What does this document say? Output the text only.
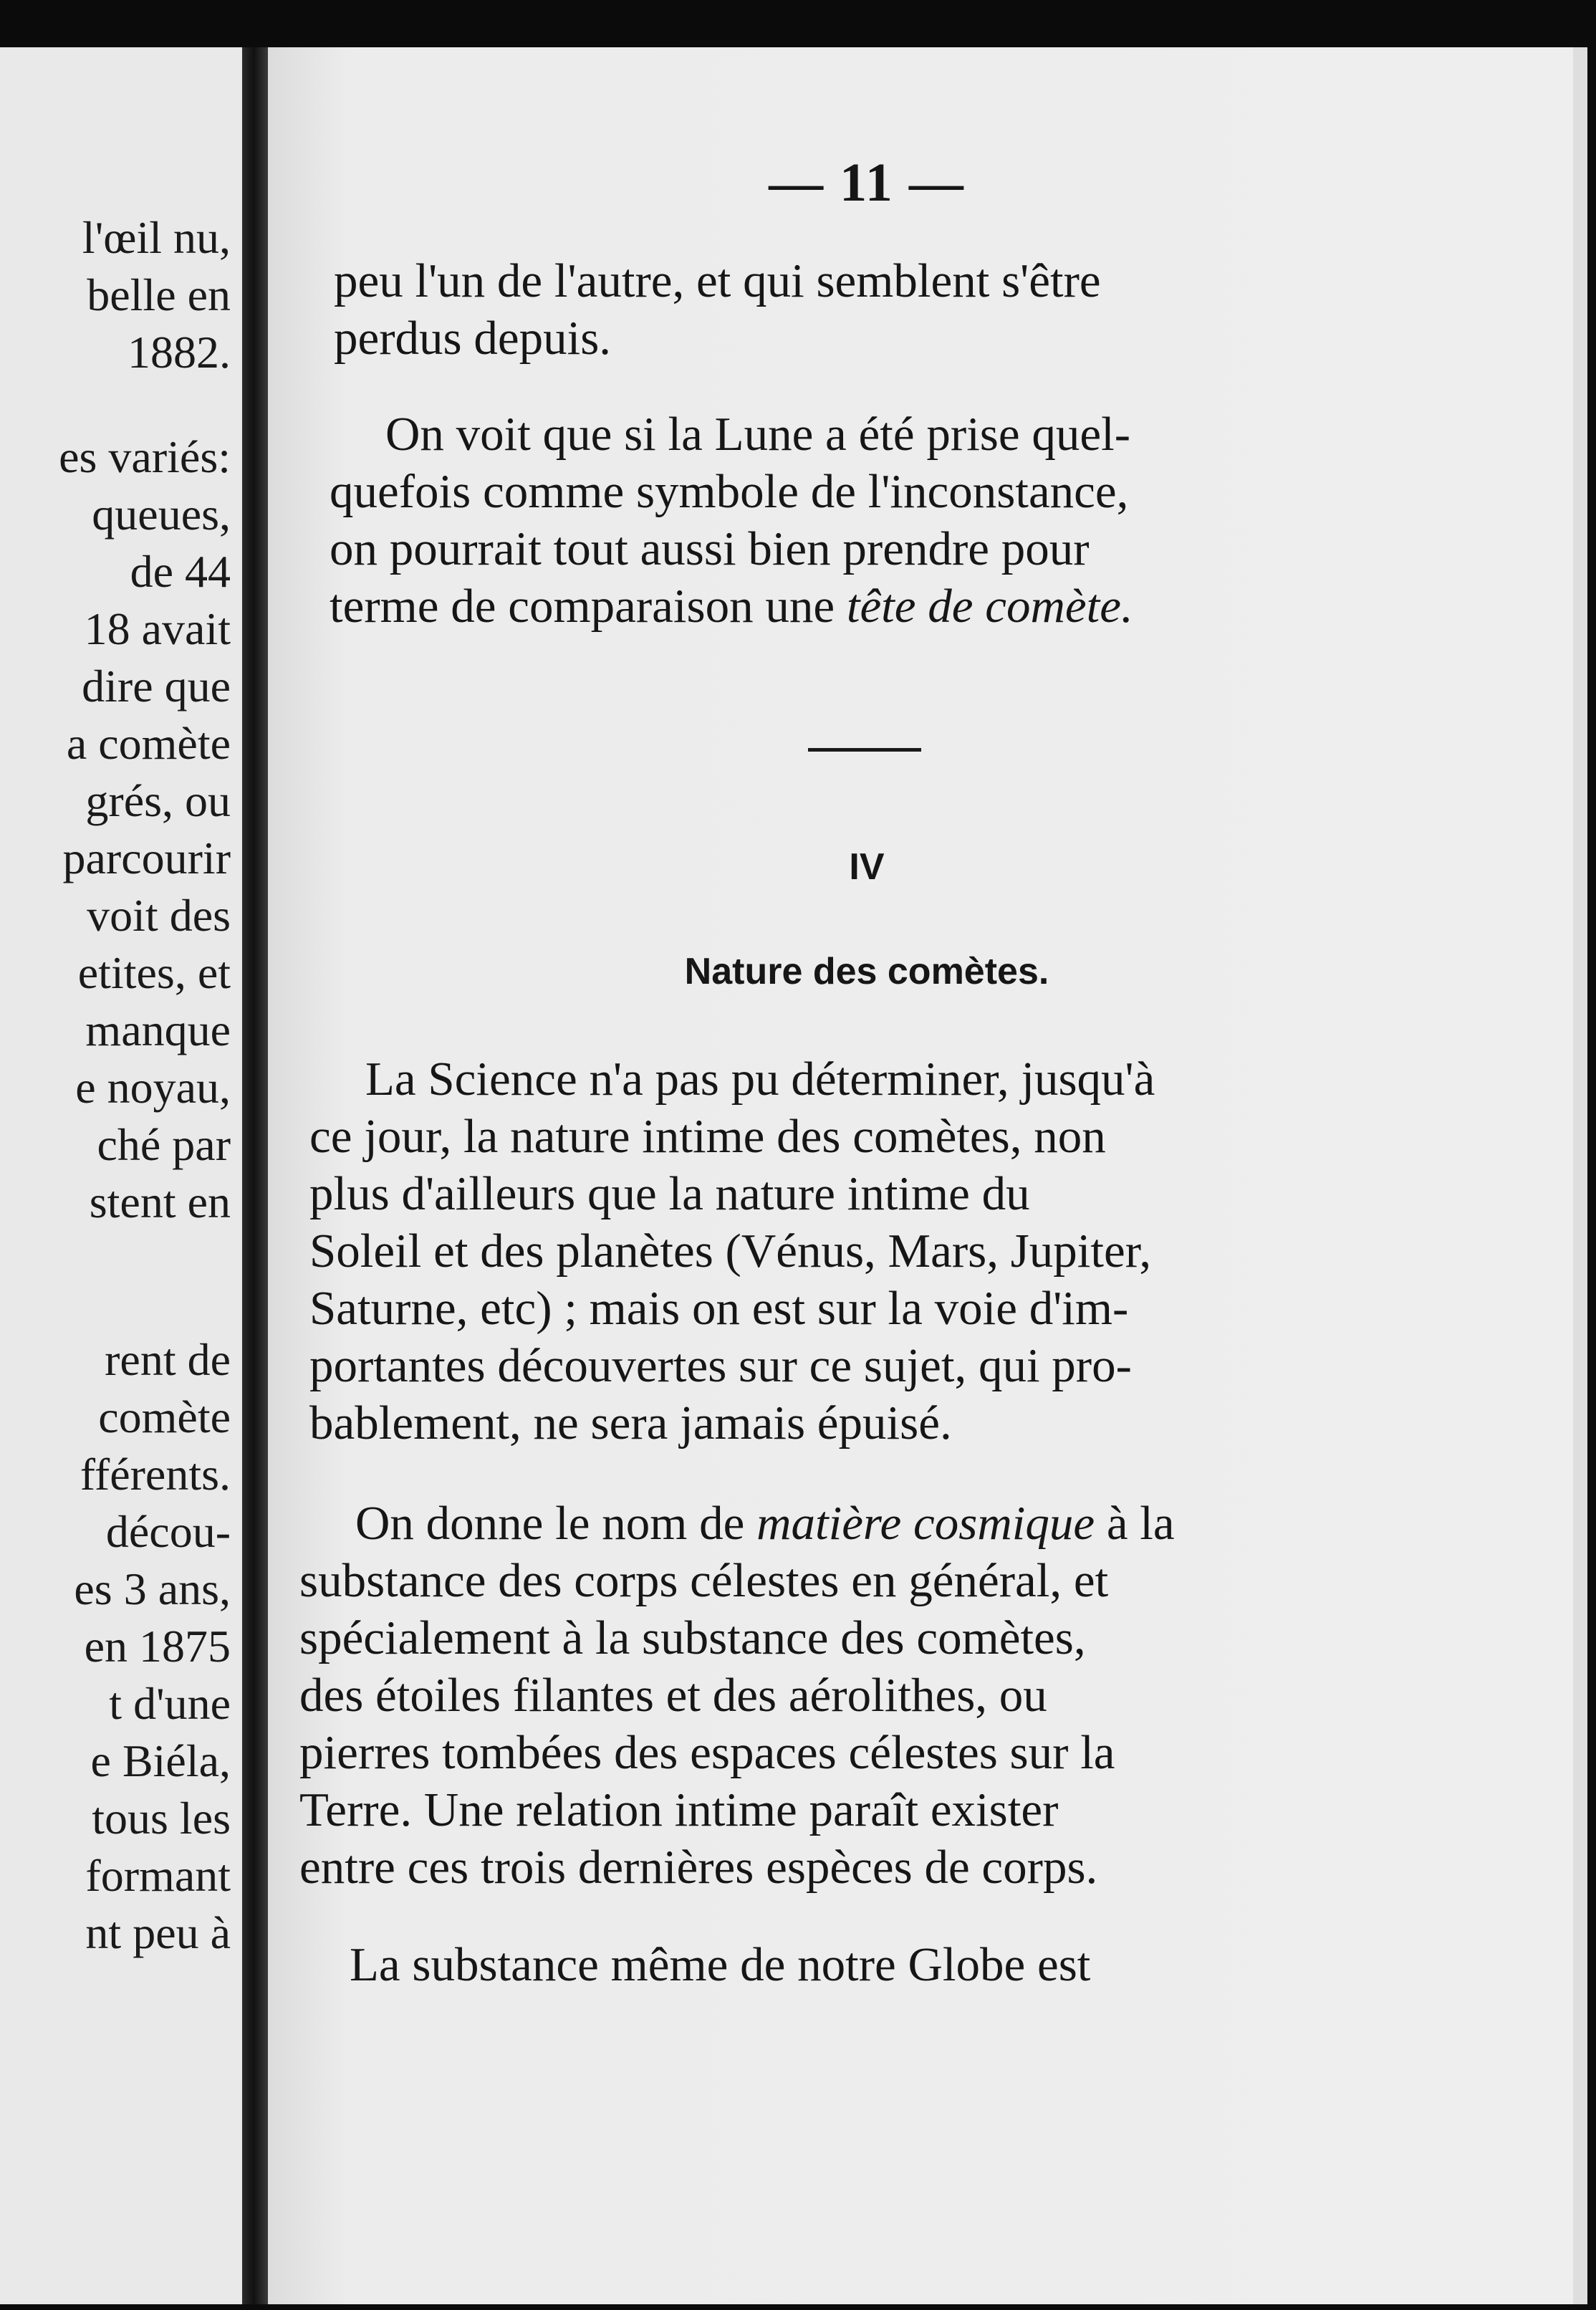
l'œil nu,
belle en
1882.
es variés:
queues,
de 44
18 avait
dire que
a comète
grés, ou
parcourir
voit des
etites, et
manque
e noyau,
ché par
stent en
rent de
comète
fférents.
décou-
es 3 ans,
en 1875
t d'une
e Biéla,
tous les
formant
nt peu à
— 11 —
peu l'un de l'autre, et qui semblent s'être
perdus depuis.
On voit que si la Lune a été prise quel-
quefois comme symbole de l'inconstance,
on pourrait tout aussi bien prendre pour
terme de comparaison une tête de comète.
IV
Nature des comètes.
La Science n'a pas pu déterminer, jusqu'à
ce jour, la nature intime des comètes, non
plus d'ailleurs que la nature intime du
Soleil et des planètes (Vénus, Mars, Jupiter,
Saturne, etc) ; mais on est sur la voie d'im-
portantes découvertes sur ce sujet, qui pro-
bablement, ne sera jamais épuisé.
On donne le nom de matière cosmique à la
substance des corps célestes en général, et
spécialement à la substance des comètes,
des étoiles filantes et des aérolithes, ou
pierres tombées des espaces célestes sur la
Terre. Une relation intime paraît exister
entre ces trois dernières espèces de corps.
La substance même de notre Globe est
